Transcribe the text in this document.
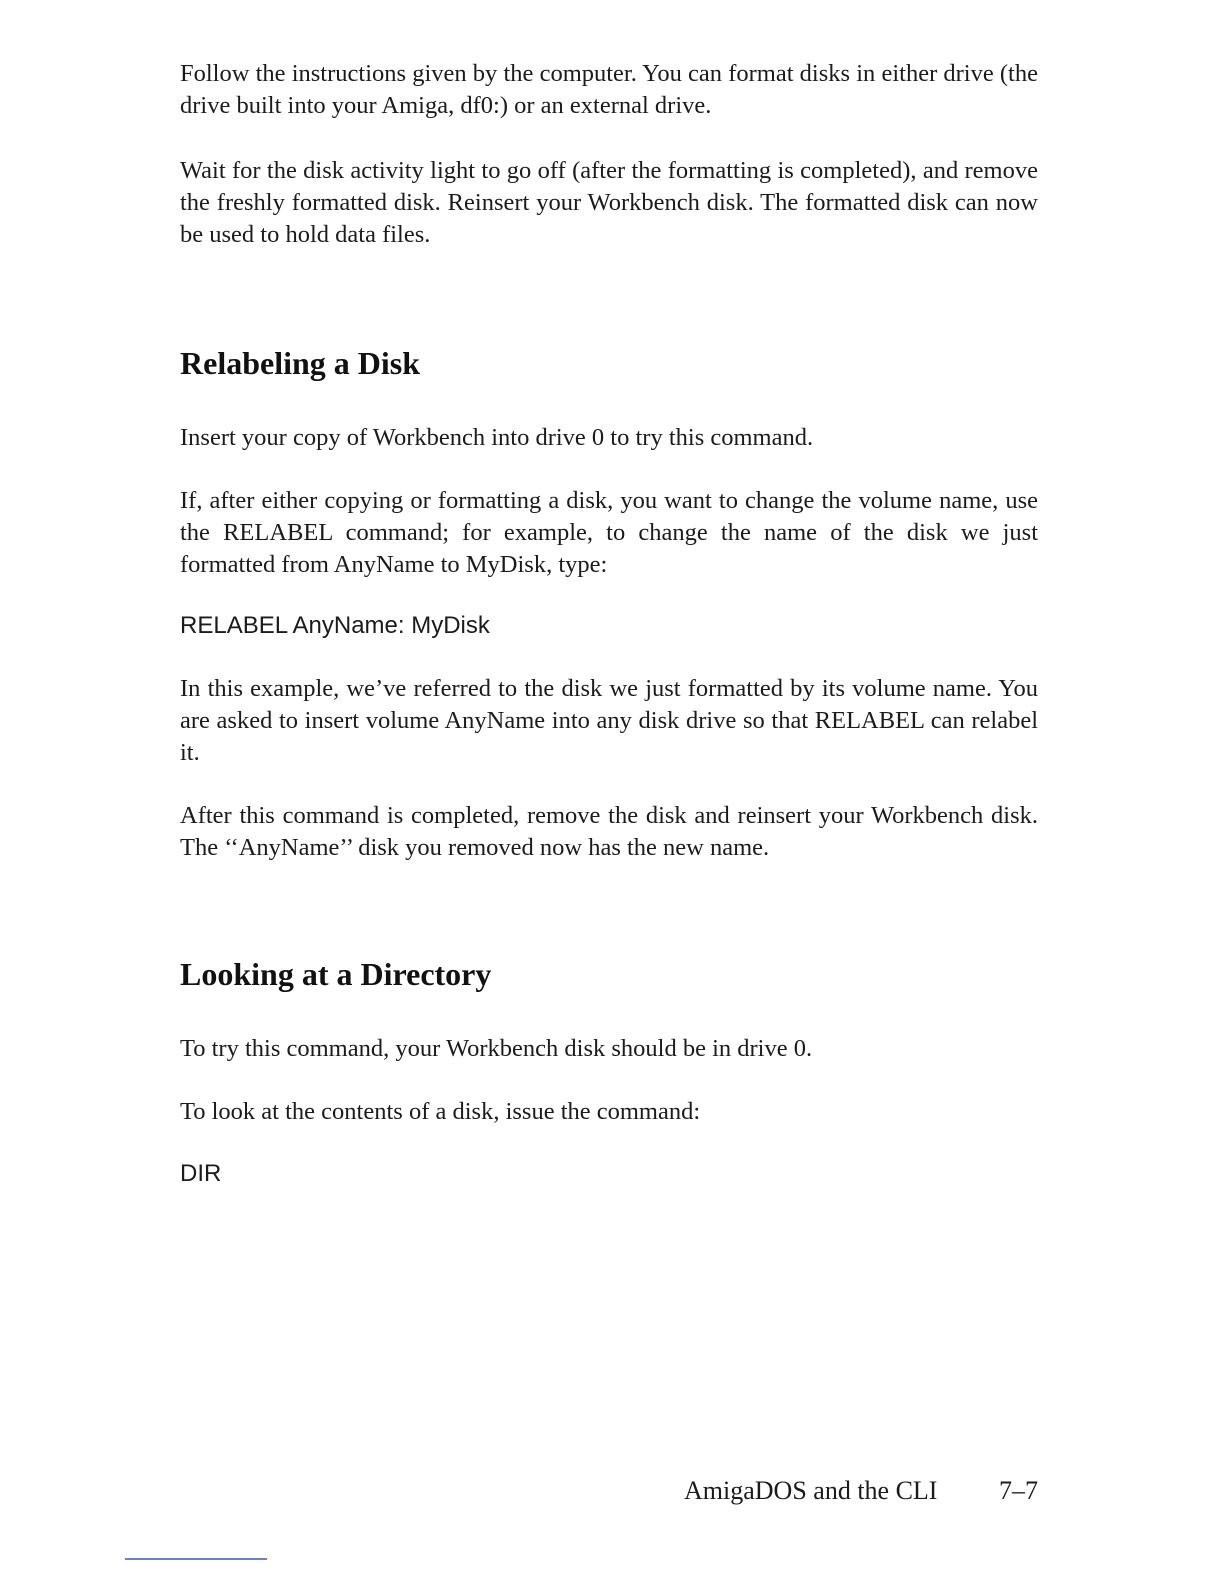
Follow the instructions given by the computer. You can format disks in either drive (the drive built into your Amiga, df0:) or an external drive.

Wait for the disk activity light to go off (after the formatting is completed), and remove the freshly formatted disk. Reinsert your Workbench disk. The formatted disk can now be used to hold data files.

Relabeling a Disk

Insert your copy of Workbench into drive 0 to try this command.

If, after either copying or formatting a disk, you want to change the volume name, use the RELABEL command; for example, to change the name of the disk we just formatted from AnyName to MyDisk, type:

RELABEL AnyName: MyDisk

In this example, we’ve referred to the disk we just formatted by its volume name. You are asked to insert volume AnyName into any disk drive so that RELABEL can relabel it.

After this command is completed, remove the disk and reinsert your Workbench disk. The ‘‘AnyName’’ disk you removed now has the new name.

Looking at a Directory

To try this command, your Workbench disk should be in drive 0.

To look at the contents of a disk, issue the command:

DIR

AmigaDOS and the CLI 7–7
